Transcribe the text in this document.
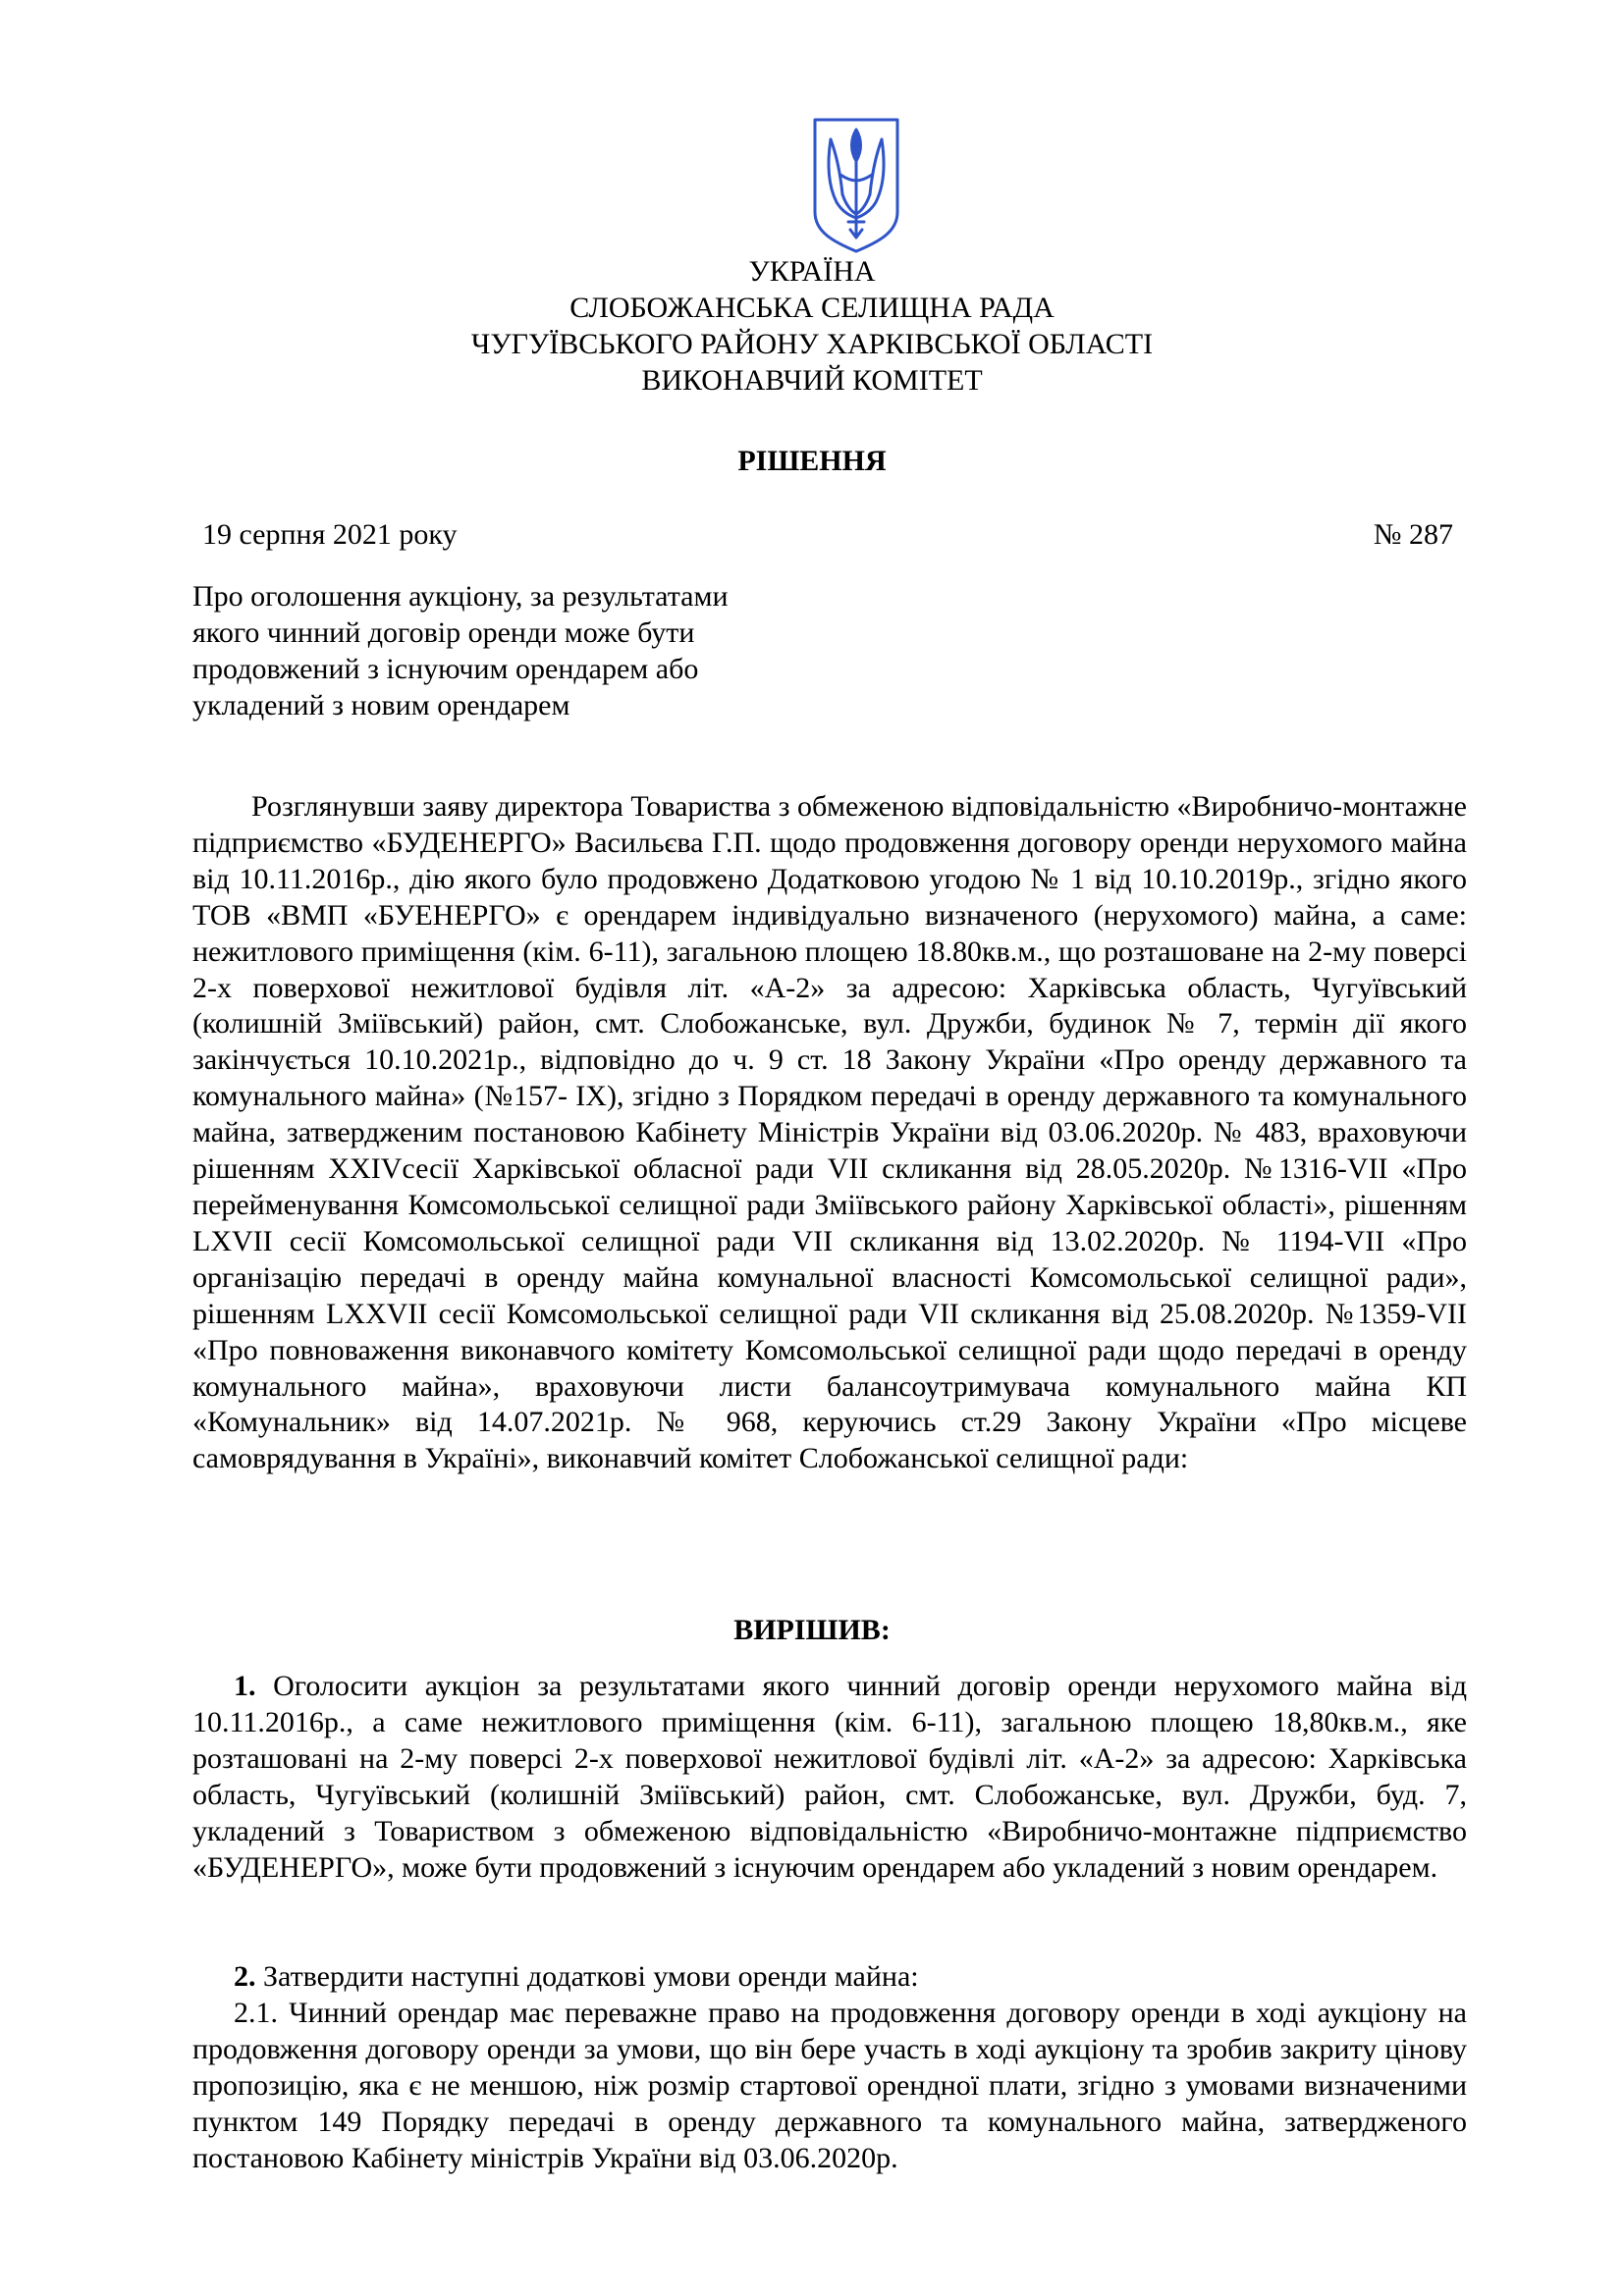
УКРАЇНА
СЛОБОЖАНСЬКА СЕЛИЩНА РАДА
ЧУГУЇВСЬКОГО РАЙОНУ ХАРКІВСЬКОЇ ОБЛАСТІ
ВИКОНАВЧИЙ КОМІТЕТ
РІШЕННЯ
19 серпня 2021 року	№ 287
Про оголошення аукціону, за результатами
якого чинний договір оренди може бути
продовжений з існуючим орендарем або
укладений з новим орендарем
Розглянувши заяву директора Товариства з обмеженою відповідальністю «Виробничо-монтажне підприємство «БУДЕНЕРГО» Васильєва Г.П. щодо продовження договору оренди нерухомого майна від 10.11.2016р., дію якого було продовжено Додатковою угодою № 1 від 10.10.2019р., згідно якого ТОВ «ВМП «БУЕНЕРГО» є орендарем індивідуально визначеного (нерухомого) майна, а саме: нежитлового приміщення (кім. 6-11), загальною площею 18.80кв.м., що розташоване на 2-му поверсі 2-х поверхової нежитлової будівля літ. «А-2» за адресою: Харківська область, Чугуївський (колишній Зміївський) район, смт. Слобожанське, вул. Дружби, будинок № 7, термін дії якого закінчується 10.10.2021р., відповідно до ч. 9 ст. 18 Закону України «Про оренду державного та комунального майна» (№157- IX), згідно з Порядком передачі в оренду державного та комунального майна, затвердженим постановою Кабінету Міністрів України від 03.06.2020р. № 483, враховуючи рішенням XXIVсесії Харківської обласної ради VII скликання від 28.05.2020р. №1316-VII «Про перейменування Комсомольської селищної ради Зміївського району Харківської області», рішенням LXVII сесії Комсомольської селищної ради VII скликання від 13.02.2020р. № 1194-VII «Про організацію передачі в оренду майна комунальної власності Комсомольської селищної ради», рішенням LXXVII сесії Комсомольської селищної ради VII скликання від 25.08.2020р. №1359-VII «Про повноваження виконавчого комітету Комсомольської селищної ради щодо передачі в оренду комунального майна», враховуючи листи балансоутримувача комунального майна КП «Комунальник» від 14.07.2021р. № 968, керуючись ст.29 Закону України «Про місцеве самоврядування в Україні», виконавчий комітет Слобожанської селищної ради:
ВИРІШИВ:
1. Оголосити аукціон за результатами якого чинний договір оренди нерухомого майна від 10.11.2016р., а саме нежитлового приміщення (кім. 6-11), загальною площею 18,80кв.м., яке розташовані на 2-му поверсі 2-х поверхової нежитлової будівлі літ. «А-2» за адресою: Харківська область, Чугуївський (колишній Зміївський) район, смт. Слобожанське, вул. Дружби, буд. 7, укладений з Товариством з обмеженою відповідальністю «Виробничо-монтажне підприємство «БУДЕНЕРГО», може бути продовжений з існуючим орендарем або укладений з новим орендарем.
2. Затвердити наступні додаткові умови оренди майна:
2.1. Чинний орендар має переважне право на продовження договору оренди в ході аукціону на продовження договору оренди за умови, що він бере участь в ході аукціону та зробив закриту цінову пропозицію, яка є не меншою, ніж розмір стартової орендної плати, згідно з умовами визначеними пунктом 149 Порядку передачі в оренду державного та комунального майна, затвердженого постановою Кабінету міністрів України від 03.06.2020р.
